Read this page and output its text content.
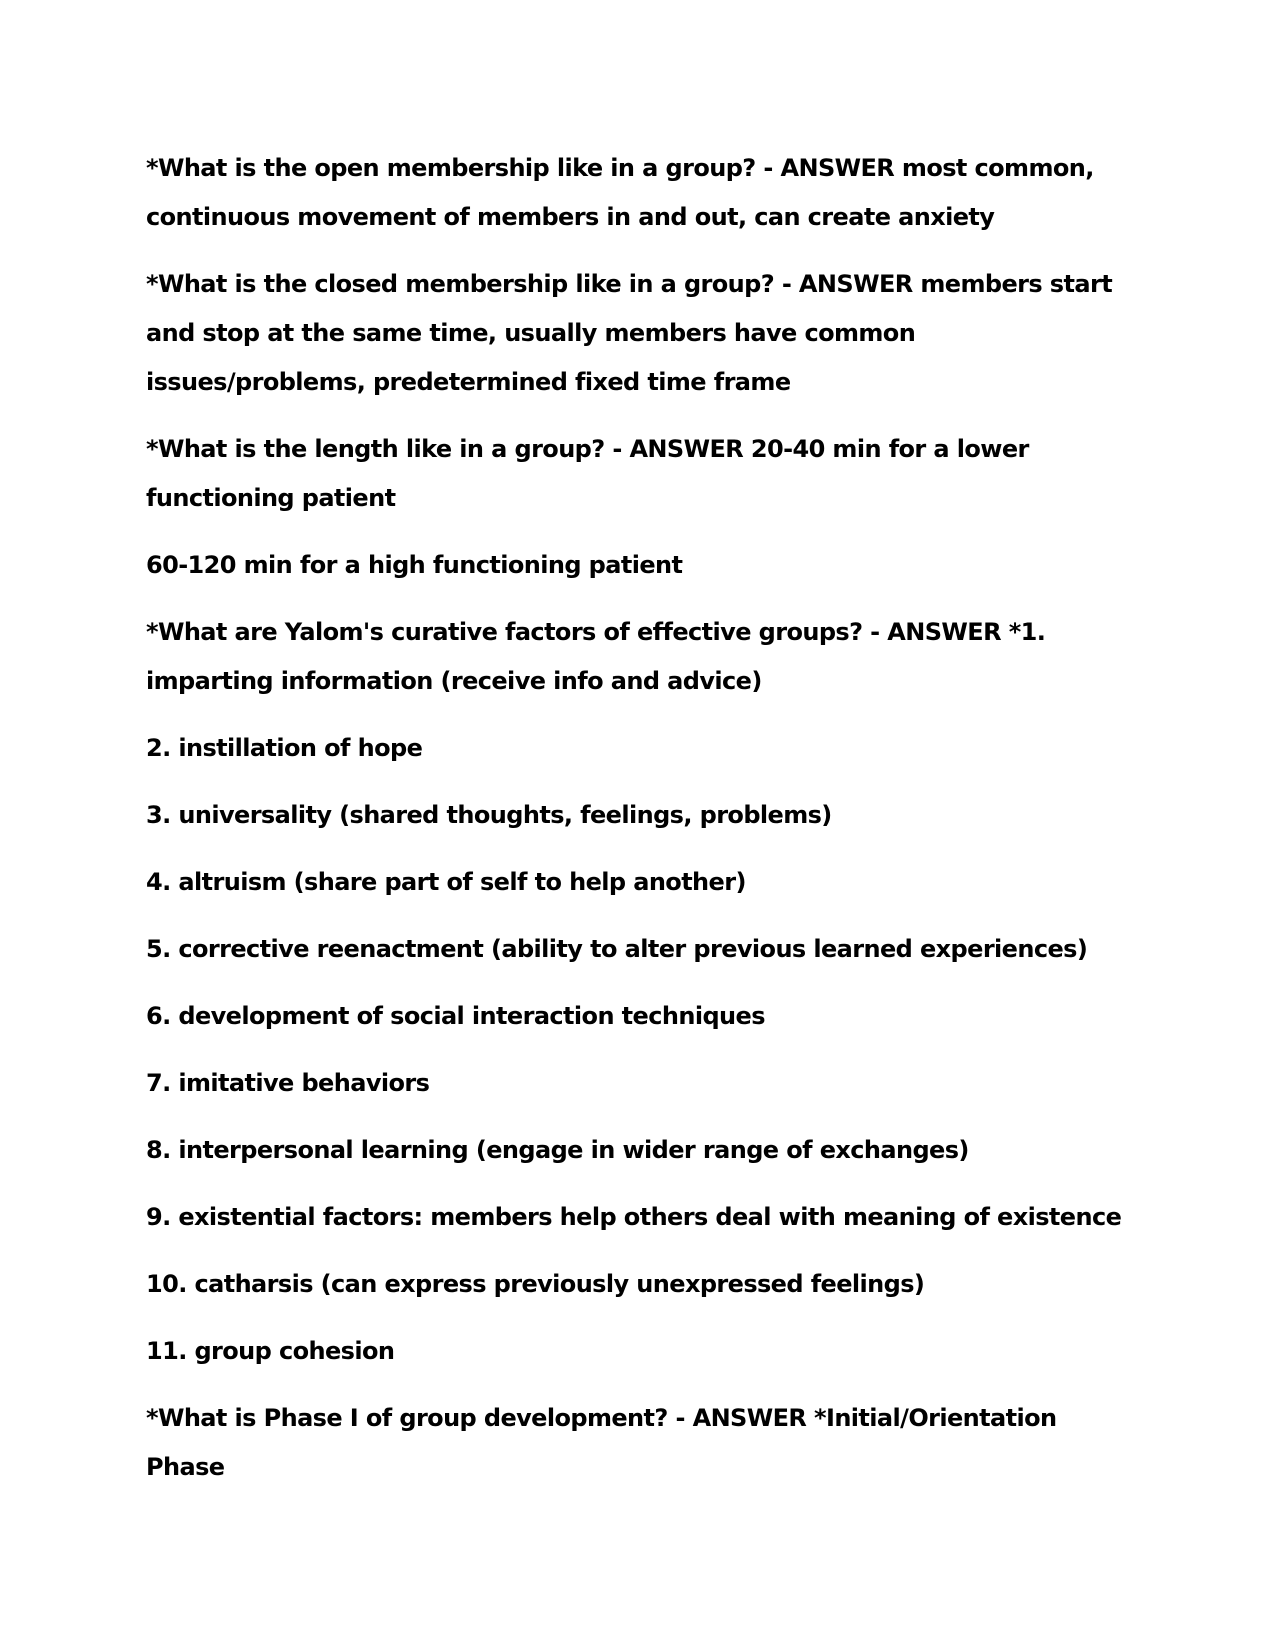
*What is the open membership like in a group? - ANSWER most common, continuous movement of members in and out, can create anxiety

*What is the closed membership like in a group? - ANSWER members start and stop at the same time, usually members have common issues/problems, predetermined fixed time frame

*What is the length like in a group? - ANSWER 20-40 min for a lower functioning patient

60-120 min for a high functioning patient

*What are Yalom's curative factors of effective groups? - ANSWER *1. imparting information (receive info and advice)

2. instillation of hope

3. universality (shared thoughts, feelings, problems)

4. altruism (share part of self to help another)

5. corrective reenactment (ability to alter previous learned experiences)

6. development of social interaction techniques

7. imitative behaviors

8. interpersonal learning (engage in wider range of exchanges)

9. existential factors: members help others deal with meaning of existence

10. catharsis (can express previously unexpressed feelings)

11. group cohesion

*What is Phase I of group development? - ANSWER *Initial/Orientation Phase
